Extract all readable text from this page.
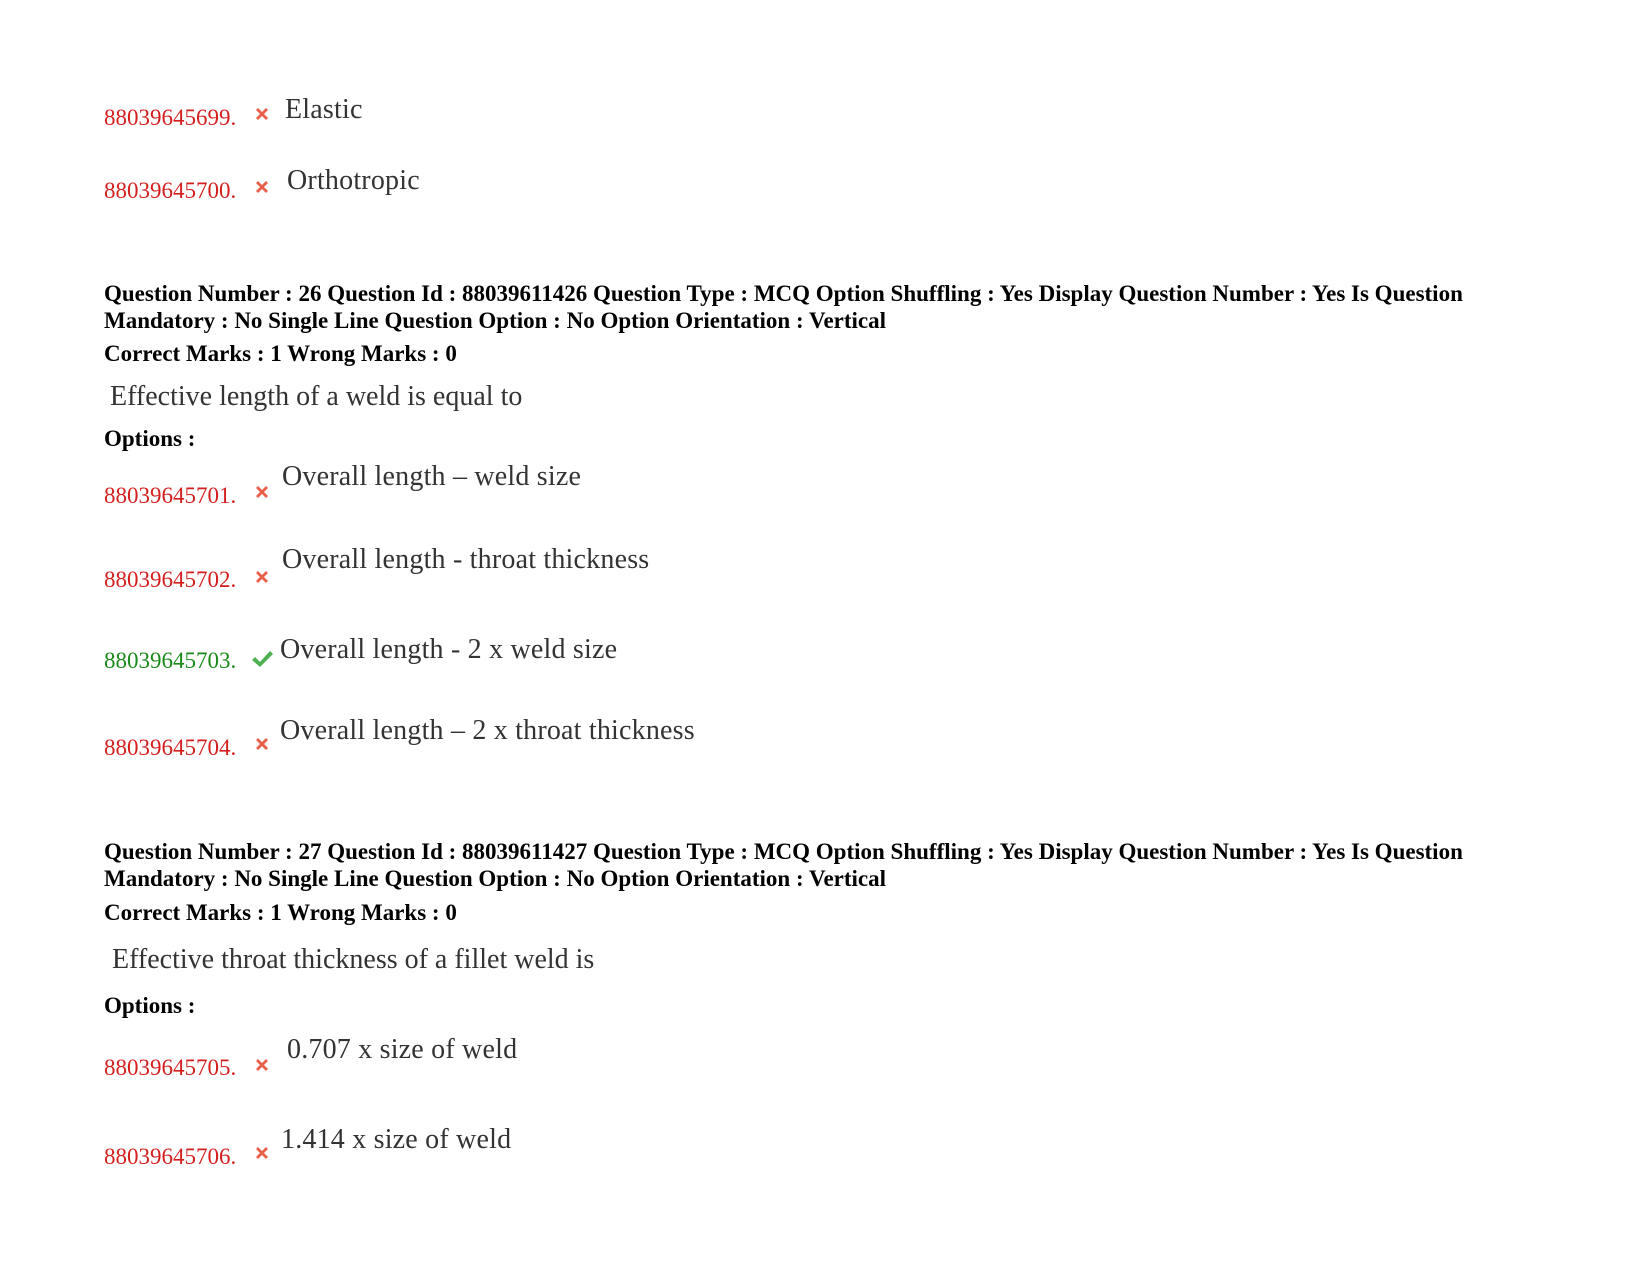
88039645699. Elastic
88039645700. Orthotropic
Question Number : 26 Question Id : 88039611426 Question Type : MCQ Option Shuffling : Yes Display Question Number : Yes Is Question Mandatory : No Single Line Question Option : No Option Orientation : Vertical
Correct Marks : 1 Wrong Marks : 0
Effective length of a weld is equal to
Options :
88039645701.
Overall length – weld size
88039645702.
Overall length - throat thickness
88039645703. Overall length - 2 x weld size
88039645704.
Overall length – 2 x throat thickness
Question Number : 27 Question Id : 88039611427 Question Type : MCQ Option Shuffling : Yes Display Question Number : Yes Is Question Mandatory : No Single Line Question Option : No Option Orientation : Vertical
Correct Marks : 1 Wrong Marks : 0
Effective throat thickness of a fillet weld is
Options :
88039645705.
0.707 x size of weld
88039645706.
1.414 x size of weld
